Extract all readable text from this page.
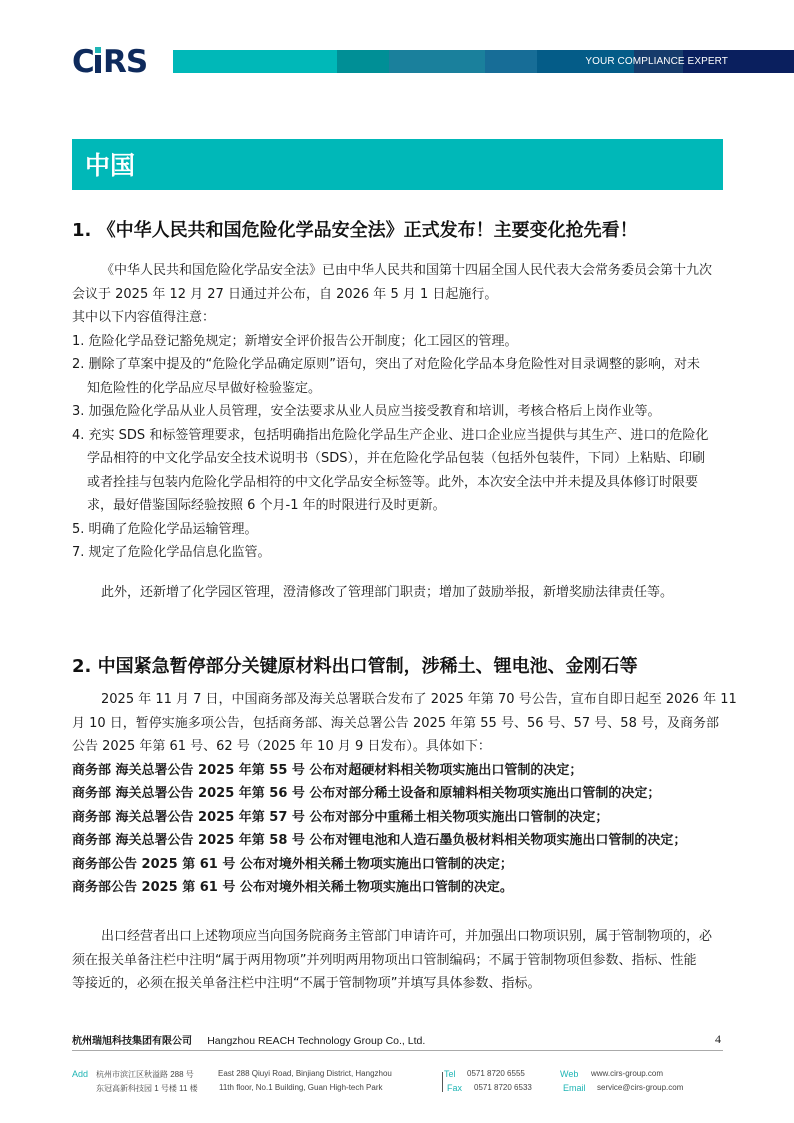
C RS	YOUR COMPLIANCE EXPERT
中国
1. 《中华人民共和国危险化学品安全法》正式发布！主要变化抢先看！
《中华人民共和国危险化学品安全法》已由中华人民共和国第十四届全国人民代表大会常务委员会第十九次
会议于 2025 年 12 月 27 日通过并公布，自 2026 年 5 月 1 日起施行。
其中以下内容值得注意：
1. 危险化学品登记豁免规定；新增安全评价报告公开制度；化工园区的管理。
2. 删除了草案中提及的“危险化学品确定原则”语句，突出了对危险化学品本身危险性对目录调整的影响，对未
知危险性的化学品应尽早做好检验鉴定。
3. 加强危险化学品从业人员管理，安全法要求从业人员应当接受教育和培训，考核合格后上岗作业等。
4. 充实 SDS 和标签管理要求，包括明确指出危险化学品生产企业、进口企业应当提供与其生产、进口的危险化
学品相符的中文化学品安全技术说明书（SDS），并在危险化学品包装（包括外包装件，下同）上粘贴、印刷
或者拴挂与包装内危险化学品相符的中文化学品安全标签等。此外，本次安全法中并未提及具体修订时限要
求，最好借鉴国际经验按照 6 个月-1 年的时限进行及时更新。
5. 明确了危险化学品运输管理。
7. 规定了危险化学品信息化监管。
此外，还新增了化学园区管理，澄清修改了管理部门职责；增加了鼓励举报，新增奖励法律责任等。
2. 中国紧急暂停部分关键原材料出口管制，涉稀土、锂电池、金刚石等
2025 年 11 月 7 日，中国商务部及海关总署联合发布了 2025 年第 70 号公告，宣布自即日起至 2026 年 11
月 10 日，暂停实施多项公告，包括商务部、海关总署公告 2025 年第 55 号、56 号、57 号、58 号，及商务部
公告 2025 年第 61 号、62 号（2025 年 10 月 9 日发布）。具体如下：
商务部 海关总署公告 2025 年第 55 号 公布对超硬材料相关物项实施出口管制的决定；
商务部 海关总署公告 2025 年第 56 号 公布对部分稀土设备和原辅料相关物项实施出口管制的决定；
商务部 海关总署公告 2025 年第 57 号 公布对部分中重稀土相关物项实施出口管制的决定；
商务部 海关总署公告 2025 年第 58 号 公布对锂电池和人造石墨负极材料相关物项实施出口管制的决定；
商务部公告 2025 第 61 号 公布对境外相关稀土物项实施出口管制的决定；
商务部公告 2025 第 61 号 公布对境外相关稀土物项实施出口管制的决定。
出口经营者出口上述物项应当向国务院商务主管部门申请许可，并加强出口物项识别，属于管制物项的，必
须在报关单备注栏中注明“属于两用物项”并列明两用物项出口管制编码；不属于管制物项但参数、指标、性能
等接近的，必须在报关单备注栏中注明“不属于管制物项”并填写具体参数、指标。
杭州瑞旭科技集团有限公司 Hangzhou REACH Technology Group Co., Ltd.	4
Add 杭州市滨江区秋溢路 288 号
东冠高新科技园 1 号楼 11 楼
East 288 Qiuyi Road, Binjiang District, Hangzhou
11th floor, No.1 Building, Guan High-tech Park
Tel 0571 8720 6555
Fax 0571 8720 6533
Web www.cirs-group.com
Email service@cirs-group.com
